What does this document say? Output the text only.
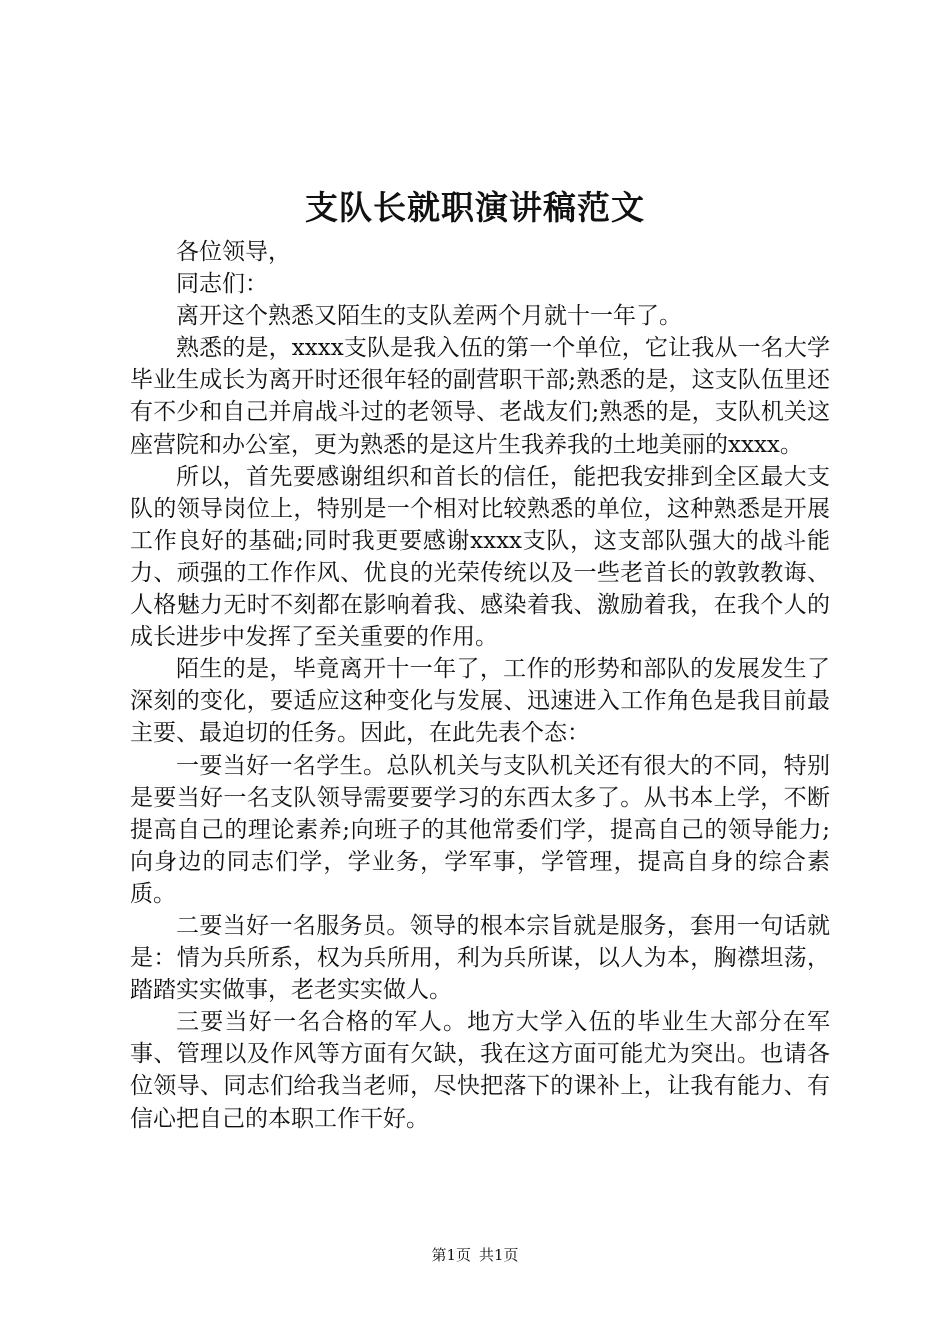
支队长就职演讲稿范文

各位领导，

同志们：

离开这个熟悉又陌生的支队差两个月就十一年了。

熟悉的是，xxxx支队是我入伍的第一个单位，它让我从一名大学毕业生成长为离开时还很年轻的副营职干部;熟悉的是，这支队伍里还有不少和自己并肩战斗过的老领导、老战友们;熟悉的是，支队机关这座营院和办公室，更为熟悉的是这片生我养我的土地美丽的xxxx。

所以，首先要感谢组织和首长的信任，能把我安排到全区最大支队的领导岗位上，特别是一个相对比较熟悉的单位，这种熟悉是开展工作良好的基础;同时我更要感谢xxxx支队，这支部队强大的战斗能力、顽强的工作作风、优良的光荣传统以及一些老首长的敦敦教诲、人格魅力无时不刻都在影响着我、感染着我、激励着我，在我个人的成长进步中发挥了至关重要的作用。

陌生的是，毕竟离开十一年了，工作的形势和部队的发展发生了深刻的变化，要适应这种变化与发展、迅速进入工作角色是我目前最主要、最迫切的任务。因此，在此先表个态：

一要当好一名学生。总队机关与支队机关还有很大的不同，特别是要当好一名支队领导需要要学习的东西太多了。从书本上学，不断提高自己的理论素养;向班子的其他常委们学，提高自己的领导能力;向身边的同志们学，学业务，学军事，学管理，提高自身的综合素质。

二要当好一名服务员。领导的根本宗旨就是服务，套用一句话就是：情为兵所系，权为兵所用，利为兵所谋，以人为本，胸襟坦荡，踏踏实实做事，老老实实做人。

三要当好一名合格的军人。地方大学入伍的毕业生大部分在军事、管理以及作风等方面有欠缺，我在这方面可能尤为突出。也请各位领导、同志们给我当老师，尽快把落下的课补上，让我有能力、有信心把自己的本职工作干好。

第1页 共1页
